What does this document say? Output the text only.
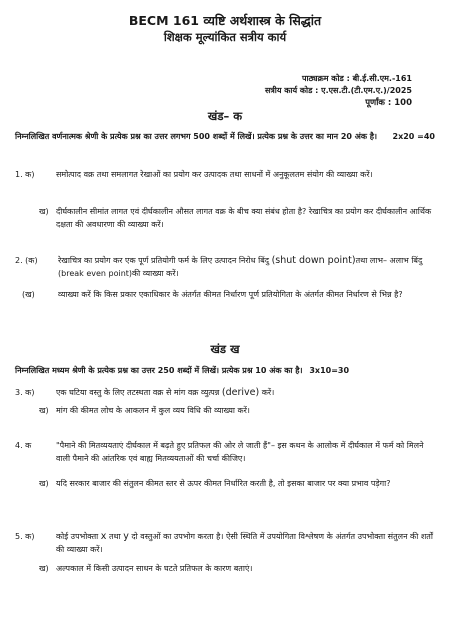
BECM 161 व्यष्टि अर्थशास्त्र के सिद्धांत
शिक्षक मूल्यांकित सत्रीय कार्य
पाठ्यक्रम कोड : बी.ई.सी.एम.-161
सत्रीय कार्य कोड : ए.एस.टी.(टी.एम.ए.)/2025
पूर्णांक : 100
खंड– क
निम्नलिखित वर्णनात्मक श्रेणी के प्रत्येक प्रश्न का उत्तर लगभग 500 शब्दों में लिखें। प्रत्येक प्रश्न के उत्तर का मान 20 अंक है। 2x20 =40
1. क)	समोत्पाद वक्र तथा समलागत रेखाओं का प्रयोग कर उत्पादक तथा साधनों में अनुकूलतम संयोग की व्याख्या करें।
ख) दीर्घकालीन सीमांत लागत एवं दीर्घकालीन औसत लागत वक्र के बीच क्या संबंध होता है? रेखाचित्र का प्रयोग कर दीर्घकालीन आर्थिक दक्षता की अवधारणा की व्याख्या करें।
2. (क)	रेखाचित्र का प्रयोग कर एक पूर्ण प्रतियोगी फर्म के लिए उत्पादन निरोध बिंदु (shut down point)तथा लाभ– अलाभ बिंदु (break even point)की व्याख्या करें।
(ख)	व्याख्या करें कि किस प्रकार एकाधिकार के अंतर्गत कीमत निर्धारण पूर्ण प्रतियोगिता के अंतर्गत कीमत निर्धारण से भिन्न है?
खंड ख
निम्नलिखित मध्यम श्रेणी के प्रत्येक प्रश्न का उत्तर 250 शब्दों में लिखें। प्रत्येक प्रश्न 10 अंक का है। 3x10=30
3. क)	एक घटिया वस्तु के लिए तटस्थता वक्र से मांग वक्र व्युत्पन्न (derive) करें।
ख) मांग की कीमत लोच के आकलन में कुल व्यय विधि की व्याख्या करें।
4. क	"पैमाने की मितव्ययताएं दीर्घकाल में बढ़ते हुए प्रतिफल की ओर ले जाती हैं"– इस कथन के आलोक में दीर्घकाल में फर्म को मिलने वाली पैमाने की आंतरिक एवं बाह्य मितव्ययताओं की चर्चा कीजिए।
ख) यदि सरकार बाजार की संतुलन कीमत स्तर से ऊपर कीमत निर्धारित करती है, तो इसका बाजार पर क्या प्रभाव पड़ेगा?
5. क)	कोई उपभोक्ता x तथा y दो वस्तुओं का उपभोग करता है। ऐसी स्थिति में उपयोगिता विश्लेषण के अंतर्गत उपभोक्ता संतुलन की शर्तों की व्याख्या करें।
ख) अल्पकाल में किसी उत्पादन साधन के घटते प्रतिफल के कारण बताएं।
